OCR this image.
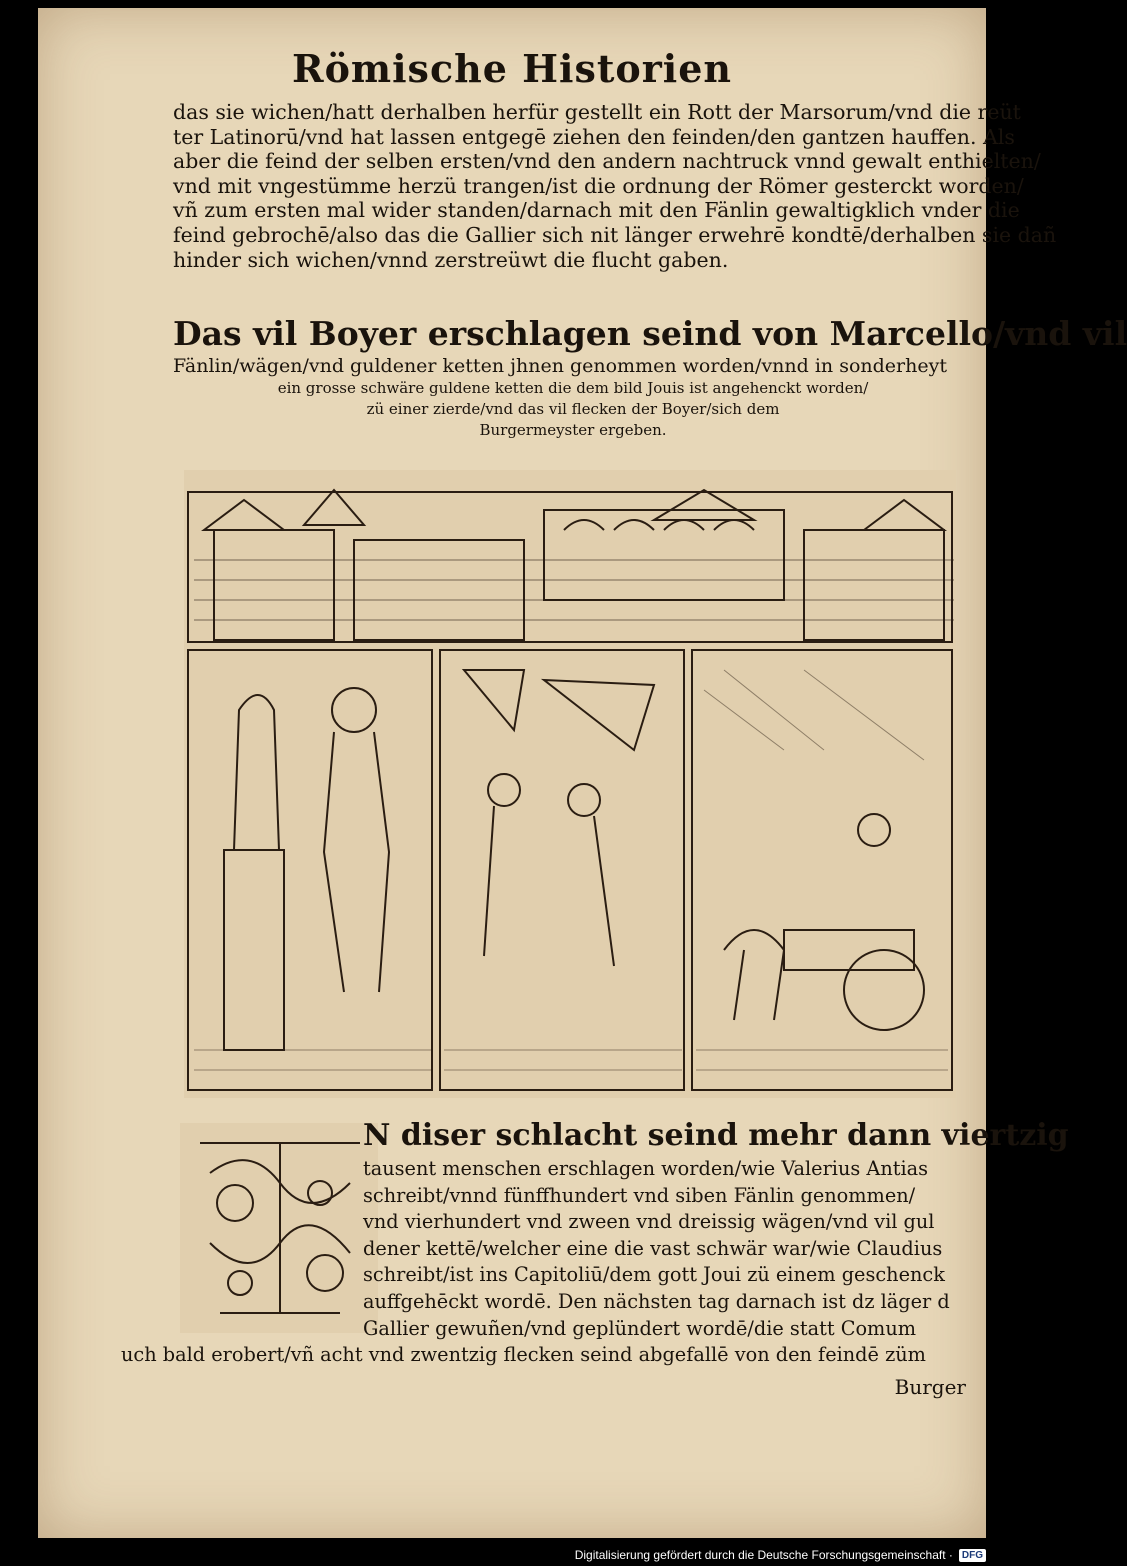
Römische Historien
das sie wichen/hatt derhalben herfür gestellt ein Rott der Marsorum/vnd die reüt
ter Latinorū/vnd hat lassen entgegē ziehen den feinden/den gantzen hauffen. Als
aber die feind der selben ersten/vnd den andern nachtruck vnnd gewalt enthielten/
vnd mit vngestümme herzü trangen/ist die ordnung der Römer gesterckt worden/
vñ zum ersten mal wider standen/darnach mit den Fänlin gewaltigklich vnder die
feind gebrochē/also das die Gallier sich nit länger erwehrē kondtē/derhalben sie dañ
hinder sich wichen/vnnd zerstreüwt die flucht gaben.
Das vil Boyer erschlagen seind von Marcello/vnd vil
Fänlin/wägen/vnd guldener ketten jhnen genommen worden/vnnd in sonderheyt
ein grosse schwäre guldene ketten die dem bild Jouis ist angehenckt worden/
zü einer zierde/vnd das vil flecken der Boyer/sich dem
Burgermeyster ergeben.
N diser schlacht seind mehr dann viertzig
tausent menschen erschlagen worden/wie Valerius Antias
schreibt/vnnd fünffhundert vnd siben Fänlin genommen/
vnd vierhundert vnd zween vnd dreissig wägen/vnd vil gul
dener kettē/welcher eine die vast schwär war/wie Claudius
schreibt/ist ins Capitoliū/dem gott Joui zü einem geschenck
auffgehēckt wordē. Den nächsten tag darnach ist dz läger d
Gallier gewuñen/vnd geplündert wordē/die statt Comum
uch bald erobert/vñ acht vnd zwentzig flecken seind abgefallē von den feindē züm
Burger
Digitalisierung gefördert durch die Deutsche Forschungsgemeinschaft · DFG
